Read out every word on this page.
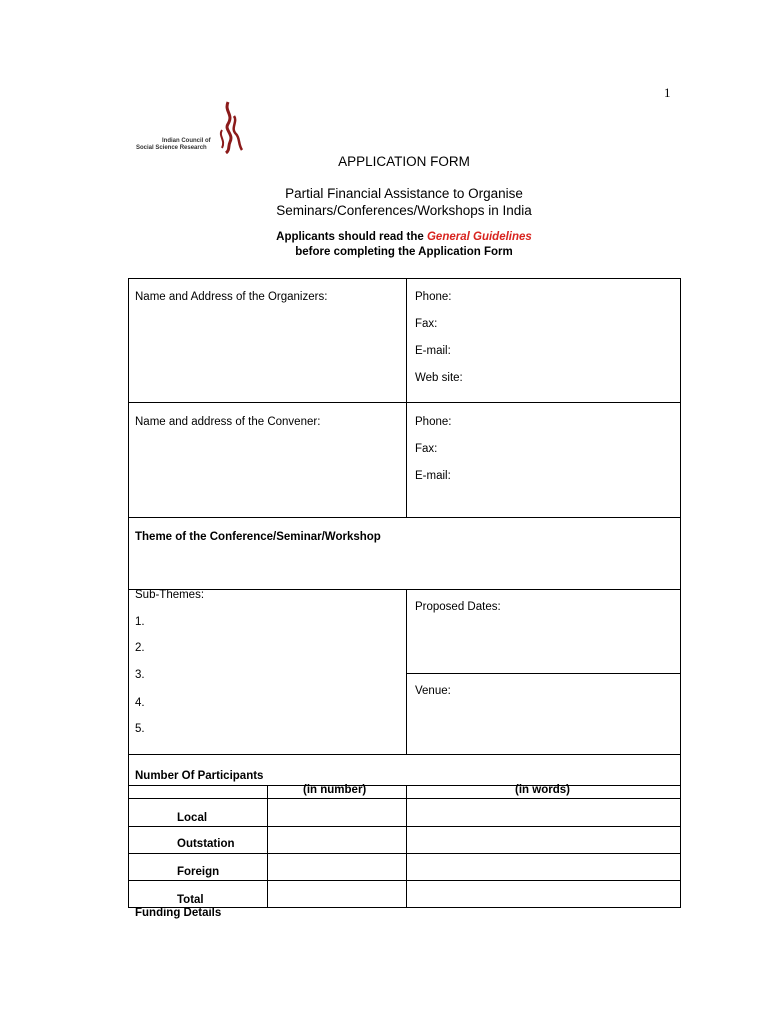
1
Indian Council of
Social Science Research
APPLICATION FORM
Partial Financial Assistance to Organise
Seminars/Conferences/Workshops in India
Applicants should read the General Guidelines
before completing the Application Form
Name and Address of the Organizers:	Phone:
Fax:
E-mail:
Web site:
Name and address of the Convener:	Phone:
Fax:
E-mail:
Theme of the Conference/Seminar/Workshop
Sub-Themes:
1.
2.
3.
4.
5.
Proposed Dates:
Venue:
Number Of Participants
(in number)	(in words)
Local
Outstation
Foreign
Total
Funding Details
